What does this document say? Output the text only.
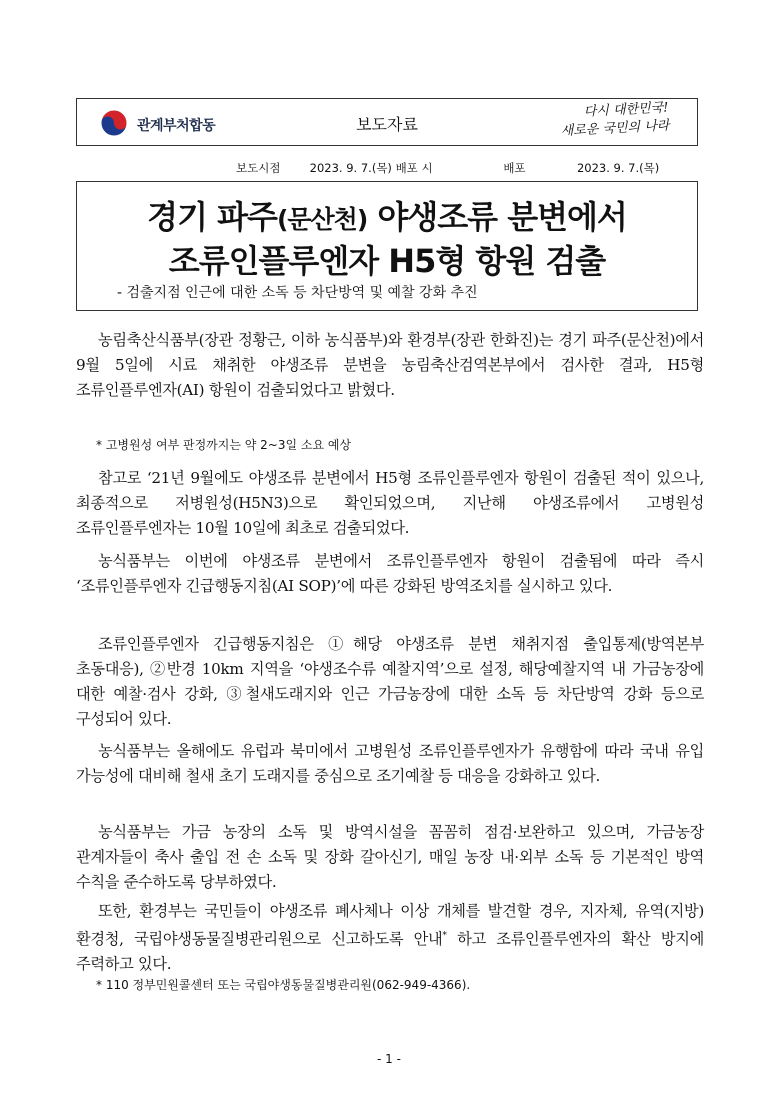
관계부처합동	보도자료
다시 대한민국!
새로운 국민의 나라
보도시점	2023. 9. 7.(목) 배포 시	배포	2023. 9. 7.(목)
경기 파주(문산천) 야생조류 분변에서
조류인플루엔자 H5형 항원 검출
- 검출지점 인근에 대한 소독 등 차단방역 및 예찰 강화 추진
농림축산식품부(장관 정황근, 이하 농식품부)와 환경부(장관 한화진)는 경기 파주(문산천)에서 9월 5일에 시료 채취한 야생조류 분변을 농림축산검역본부에서 검사한 결과, H5형 조류인플루엔자(AI) 항원이 검출되었다고 밝혔다.
* 고병원성 여부 판정까지는 약 2~3일 소요 예상
참고로 ‘21년 9월에도 야생조류 분변에서 H5형 조류인플루엔자 항원이 검출된 적이 있으나, 최종적으로 저병원성(H5N3)으로 확인되었으며, 지난해 야생조류에서 고병원성 조류인플루엔자는 10월 10일에 최초로 검출되었다.
농식품부는 이번에 야생조류 분변에서 조류인플루엔자 항원이 검출됨에 따라 즉시 ‘조류인플루엔자 긴급행동지침(AI SOP)’에 따른 강화된 방역조치를 실시하고 있다.
조류인플루엔자 긴급행동지침은 ①해당 야생조류 분변 채취지점 출입통제(방역본부 초동대응), ②반경 10km 지역을 ‘야생조수류 예찰지역’으로 설정, 해당예찰지역 내 가금농장에 대한 예찰·검사 강화, ③철새도래지와 인근 가금농장에 대한 소독 등 차단방역 강화 등으로 구성되어 있다.
농식품부는 올해에도 유럽과 북미에서 고병원성 조류인플루엔자가 유행함에 따라 국내 유입 가능성에 대비해 철새 초기 도래지를 중심으로 조기예찰 등 대응을 강화하고 있다.
농식품부는 가금 농장의 소독 및 방역시설을 꼼꼼히 점검·보완하고 있으며, 가금농장 관계자들이 축사 출입 전 손 소독 및 장화 갈아신기, 매일 농장 내·외부 소독 등 기본적인 방역 수칙을 준수하도록 당부하였다.
또한, 환경부는 국민들이 야생조류 폐사체나 이상 개체를 발견할 경우, 지자체, 유역(지방)환경청, 국립야생동물질병관리원으로 신고하도록 안내* 하고 조류인플루엔자의 확산 방지에 주력하고 있다.
* 110 정부민원콜센터 또는 국립야생동물질병관리원(062-949-4366).
- 1 -
